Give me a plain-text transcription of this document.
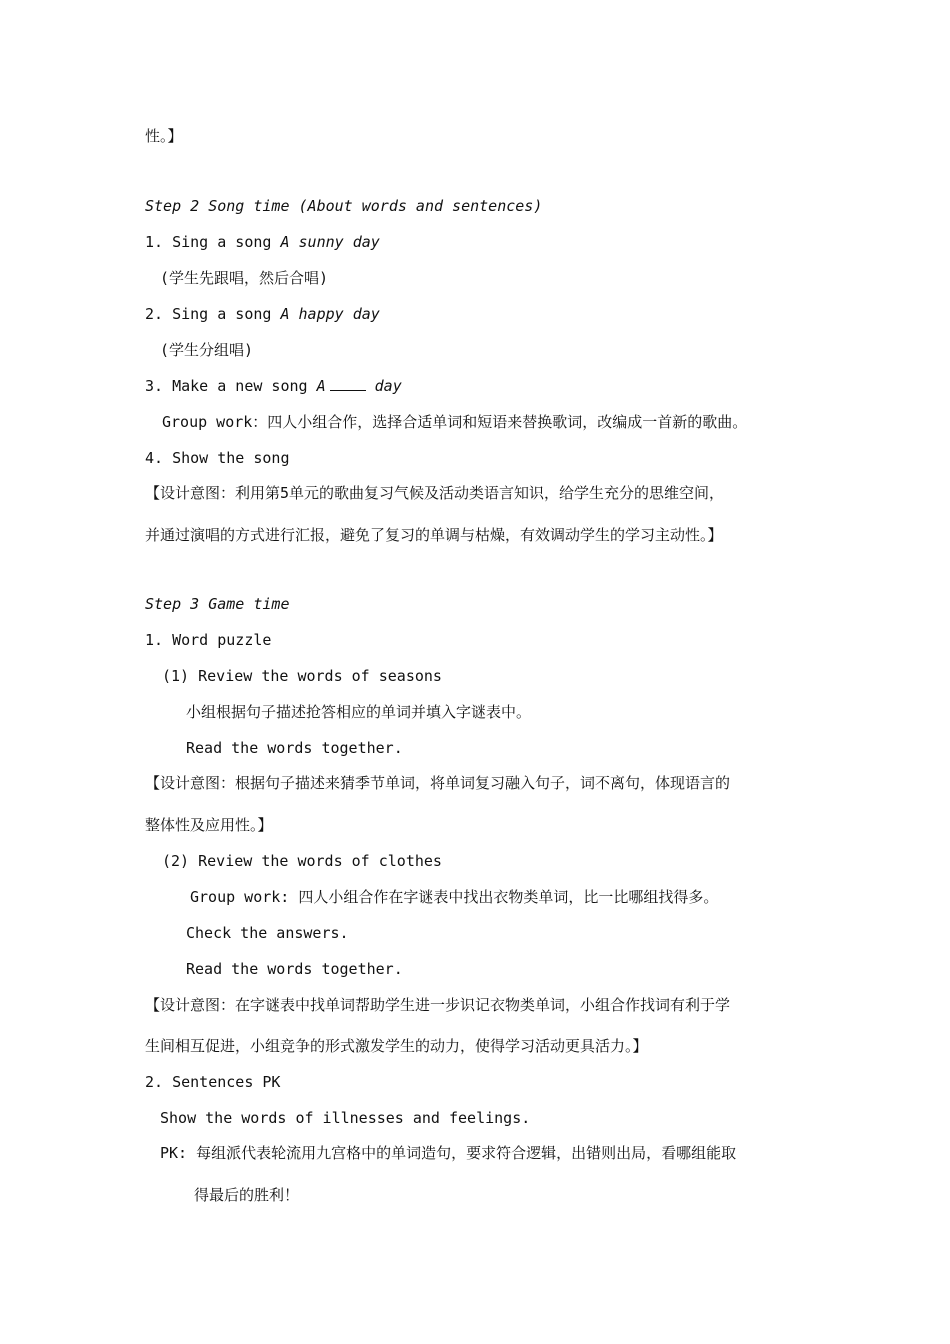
性。】
Step 2 Song time (About words and sentences)
1. Sing a song A sunny day
(学生先跟唱，然后合唱)
2. Sing a song A happy day
(学生分组唱)
3. Make a new song A	day
Group work：四人小组合作，选择合适单词和短语来替换歌词，改编成一首新的歌曲。
4. Show the song
【设计意图：利用第5单元的歌曲复习气候及活动类语言知识，给学生充分的思维空间，
并通过演唱的方式进行汇报，避免了复习的单调与枯燥，有效调动学生的学习主动性。】
Step 3 Game time
1. Word puzzle
(1) Review the words of seasons
小组根据句子描述抢答相应的单词并填入字谜表中。
Read the words together.
【设计意图：根据句子描述来猜季节单词，将单词复习融入句子，词不离句，体现语言的
整体性及应用性。】
(2) Review the words of clothes
Group work: 四人小组合作在字谜表中找出衣物类单词，比一比哪组找得多。
Check the answers.
Read the words together.
【设计意图：在字谜表中找单词帮助学生进一步识记衣物类单词，小组合作找词有利于学
生间相互促进，小组竞争的形式激发学生的动力，使得学习活动更具活力。】
2. Sentences PK
Show the words of illnesses and feelings.
PK: 每组派代表轮流用九宫格中的单词造句，要求符合逻辑，出错则出局，看哪组能取
得最后的胜利！
